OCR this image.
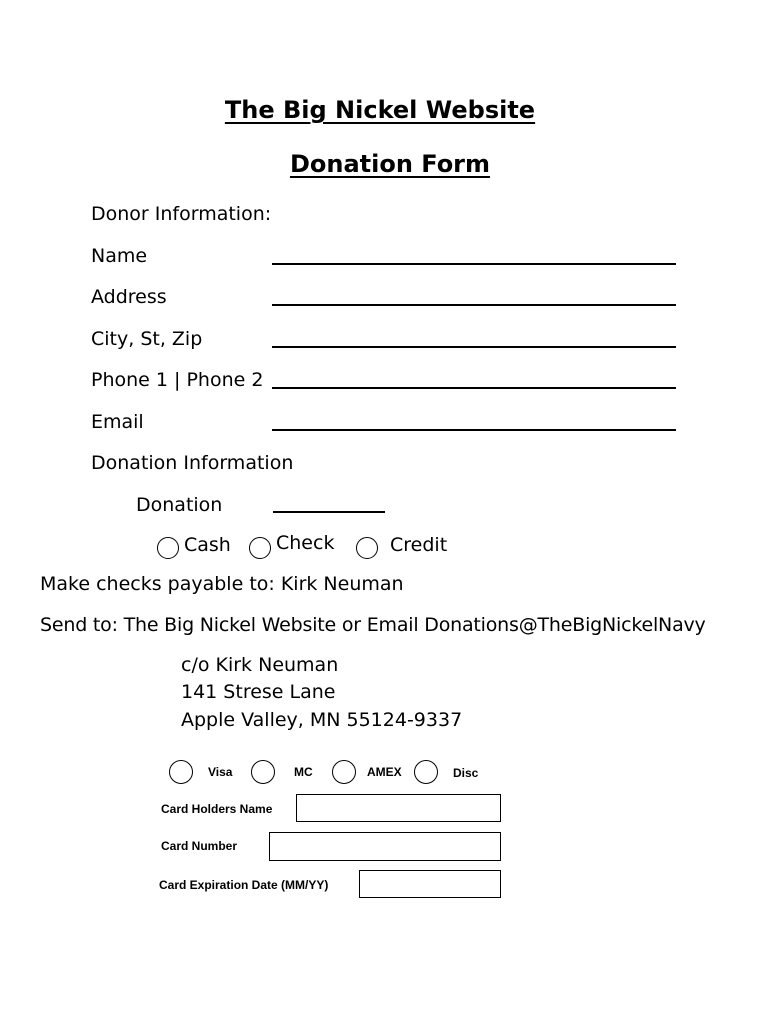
The Big Nickel Website
Donation Form
Donor Information:
Name
Address
City, St, Zip
Phone 1 | Phone 2
Email
Donation Information
Donation
Cash Check	Credit
Make checks payable to: Kirk Neuman
Send to: The Big Nickel Website or Email Donations@TheBigNickelNavy
c/o Kirk Neuman
141 Strese Lane
Apple Valley, MN 55124-9337
Visa	MC	AMEX	Disc
Card Holders Name
Card Number
Card Expiration Date (MM/YY)
